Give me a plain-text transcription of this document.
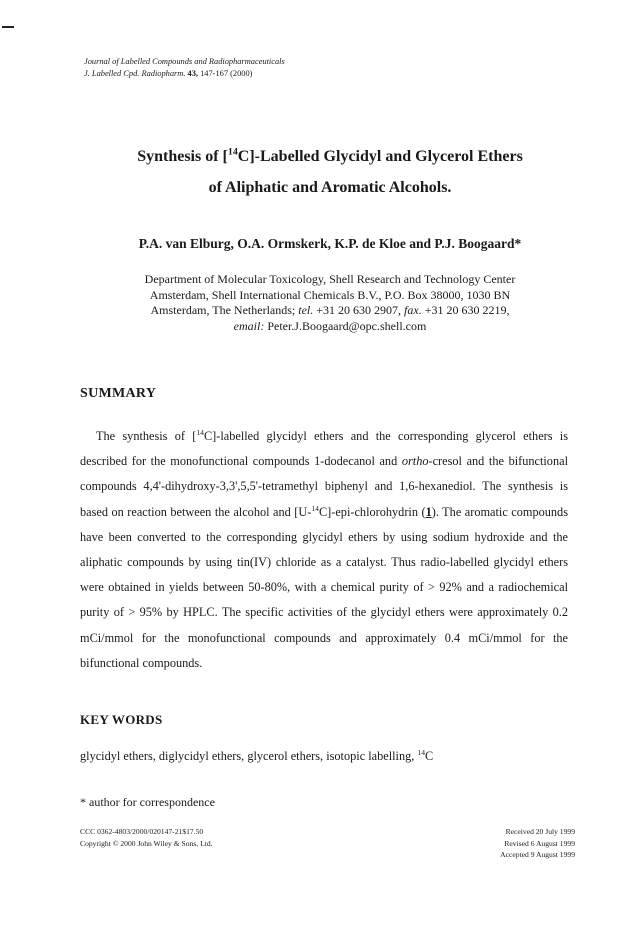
Journal of Labelled Compounds and Radiopharmaceuticals
J. Labelled Cpd. Radiopharm. 43, 147-167 (2000)
Synthesis of [$^{14}$C]-Labelled Glycidyl and Glycerol Ethers
of Aliphatic and Aromatic Alcohols.
P.A. van Elburg, O.A. Ormskerk, K.P. de Kloe and P.J. Boogaard*
Department of Molecular Toxicology, Shell Research and Technology Center
Amsterdam, Shell International Chemicals B.V., P.O. Box 38000, 1030 BN
Amsterdam, The Netherlands; tel. +31 20 630 2907, fax. +31 20 630 2219,
email: Peter.J.Boogaard@opc.shell.com
SUMMARY
The synthesis of [$^{14}$C]-labelled glycidyl ethers and the corresponding glycerol ethers is described for the monofunctional compounds 1-dodecanol and ortho-cresol and the bifunctional compounds 4,4'-dihydroxy-3,3',5,5'-tetramethyl biphenyl and 1,6-hexanediol. The synthesis is based on reaction between the alcohol and [U-$^{14}$C]-epi-chlorohydrin (1). The aromatic compounds have been converted to the corresponding glycidyl ethers by using sodium hydroxide and the aliphatic compounds by using tin(IV) chloride as a catalyst. Thus radio-labelled glycidyl ethers were obtained in yields between 50-80%, with a chemical purity of > 92% and a radiochemical purity of > 95% by HPLC. The specific activities of the glycidyl ethers were approximately 0.2 mCi/mmol for the monofunctional compounds and approximately 0.4 mCi/mmol for the bifunctional compounds.
KEY WORDS
glycidyl ethers, diglycidyl ethers, glycerol ethers, isotopic labelling, $^{14}$C
* author for correspondence
CCC 0362-4803/2000/020147-21$17.50
Copyright © 2000 John Wiley & Sons, Ltd.
Received 20 July 1999
Revised 6 August 1999
Accepted 9 August 1999
